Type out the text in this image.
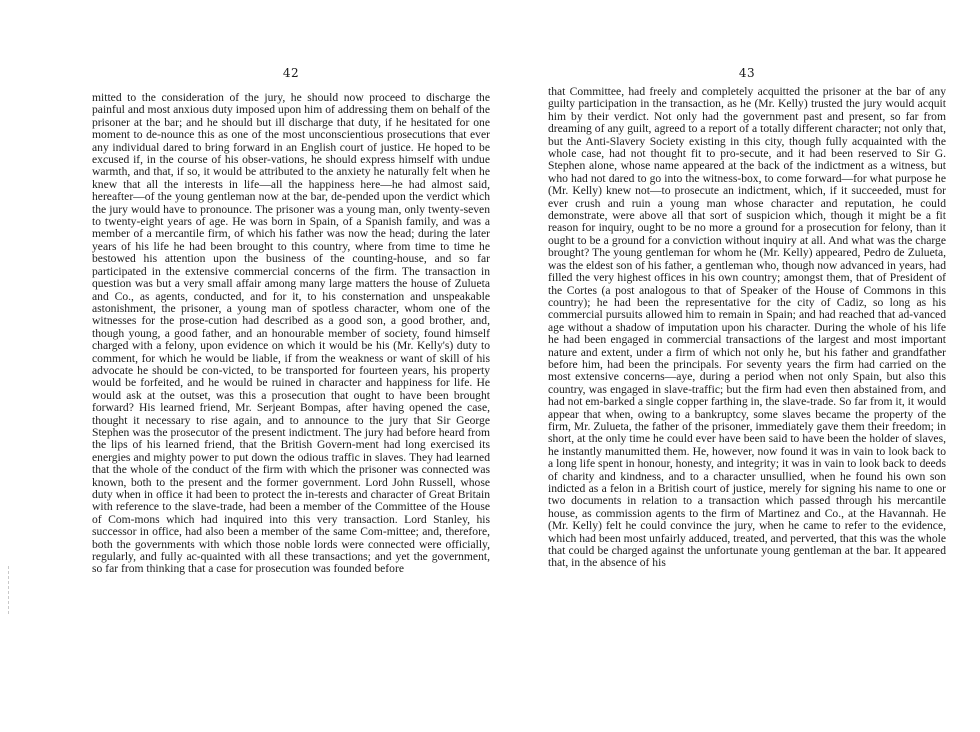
42
mitted to the consideration of the jury, he should now proceed to discharge the painful and most anxious duty imposed upon him of addressing them on behalf of the prisoner at the bar; and he should but ill discharge that duty, if he hesitated for one moment to de-nounce this as one of the most unconscientious prosecutions that ever any individual dared to bring forward in an English court of justice. He hoped to be excused if, in the course of his obser-vations, he should express himself with undue warmth, and that, if so, it would be attributed to the anxiety he naturally felt when he knew that all the interests in life—all the happiness here—he had almost said, hereafter—of the young gentleman now at the bar, de-pended upon the verdict which the jury would have to pronounce. The prisoner was a young man, only twenty-seven to twenty-eight years of age. He was born in Spain, of a Spanish family, and was a member of a mercantile firm, of which his father was now the head; during the later years of his life he had been brought to this country, where from time to time he bestowed his attention upon the business of the counting-house, and so far participated in the extensive commercial concerns of the firm. The transaction in question was but a very small affair among many large matters the house of Zulueta and Co., as agents, conducted, and for it, to his consternation and unspeakable astonishment, the prisoner, a young man of spotless character, whom one of the witnesses for the prose-cution had described as a good son, a good brother, and, though young, a good father, and an honourable member of society, found himself charged with a felony, upon evidence on which it would be his (Mr. Kelly's) duty to comment, for which he would be liable, if from the weakness or want of skill of his advocate he should be con-victed, to be transported for fourteen years, his property would be forfeited, and he would be ruined in character and happiness for life. He would ask at the outset, was this a prosecution that ought to have been brought forward? His learned friend, Mr. Serjeant Bompas, after having opened the case, thought it necessary to rise again, and to announce to the jury that Sir George Stephen was the prosecutor of the present indictment. The jury had before heard from the lips of his learned friend, that the British Govern-ment had long exercised its energies and mighty power to put down the odious traffic in slaves. They had learned that the whole of the conduct of the firm with which the prisoner was connected was known, both to the present and the former government. Lord John Russell, whose duty when in office it had been to protect the in-terests and character of Great Britain with reference to the slave-trade, had been a member of the Committee of the House of Com-mons which had inquired into this very transaction. Lord Stanley, his successor in office, had also been a member of the same Com-mittee; and, therefore, both the governments with which those noble lords were connected were officially, regularly, and fully ac-quainted with all these transactions; and yet the government, so far from thinking that a case for prosecution was founded before
43
that Committee, had freely and completely acquitted the prisoner at the bar of any guilty participation in the transaction, as he (Mr. Kelly) trusted the jury would acquit him by their verdict. Not only had the government past and present, so far from dreaming of any guilt, agreed to a report of a totally different character; not only that, but the Anti-Slavery Society existing in this city, though fully acquainted with the whole case, had not thought fit to pro-secute, and it had been reserved to Sir G. Stephen alone, whose name appeared at the back of the indictment as a witness, but who had not dared to go into the witness-box, to come forward—for what purpose he (Mr. Kelly) knew not—to prosecute an indictment, which, if it succeeded, must for ever crush and ruin a young man whose character and reputation, he could demonstrate, were above all that sort of suspicion which, though it might be a fit reason for inquiry, ought to be no more a ground for a prosecution for felony, than it ought to be a ground for a conviction without inquiry at all. And what was the charge brought? The young gentleman for whom he (Mr. Kelly) appeared, Pedro de Zulueta, was the eldest son of his father, a gentleman who, though now advanced in years, had filled the very highest offices in his own country; amongst them, that of President of the Cortes (a post analogous to that of Speaker of the House of Commons in this country); he had been the representative for the city of Cadiz, so long as his commercial pursuits allowed him to remain in Spain; and had reached that ad-vanced age without a shadow of imputation upon his character. During the whole of his life he had been engaged in commercial transactions of the largest and most important nature and extent, under a firm of which not only he, but his father and grandfather before him, had been the principals. For seventy years the firm had carried on the most extensive concerns—aye, during a period when not only Spain, but also this country, was engaged in slave-traffic; but the firm had even then abstained from, and had not em-barked a single copper farthing in, the slave-trade. So far from it, it would appear that when, owing to a bankruptcy, some slaves became the property of the firm, Mr. Zulueta, the father of the prisoner, immediately gave them their freedom; in short, at the only time he could ever have been said to have been the holder of slaves, he instantly manumitted them. He, however, now found it was in vain to look back to a long life spent in honour, honesty, and integrity; it was in vain to look back to deeds of charity and kindness, and to a character unsullied, when he found his own son indicted as a felon in a British court of justice, merely for signing his name to one or two documents in relation to a transaction which passed through his mercantile house, as commission agents to the firm of Martinez and Co., at the Havannah. He (Mr. Kelly) felt he could convince the jury, when he came to refer to the evidence, which had been most unfairly adduced, treated, and perverted, that this was the whole that could be charged against the unfortunate young gentleman at the bar. It appeared that, in the absence of his
